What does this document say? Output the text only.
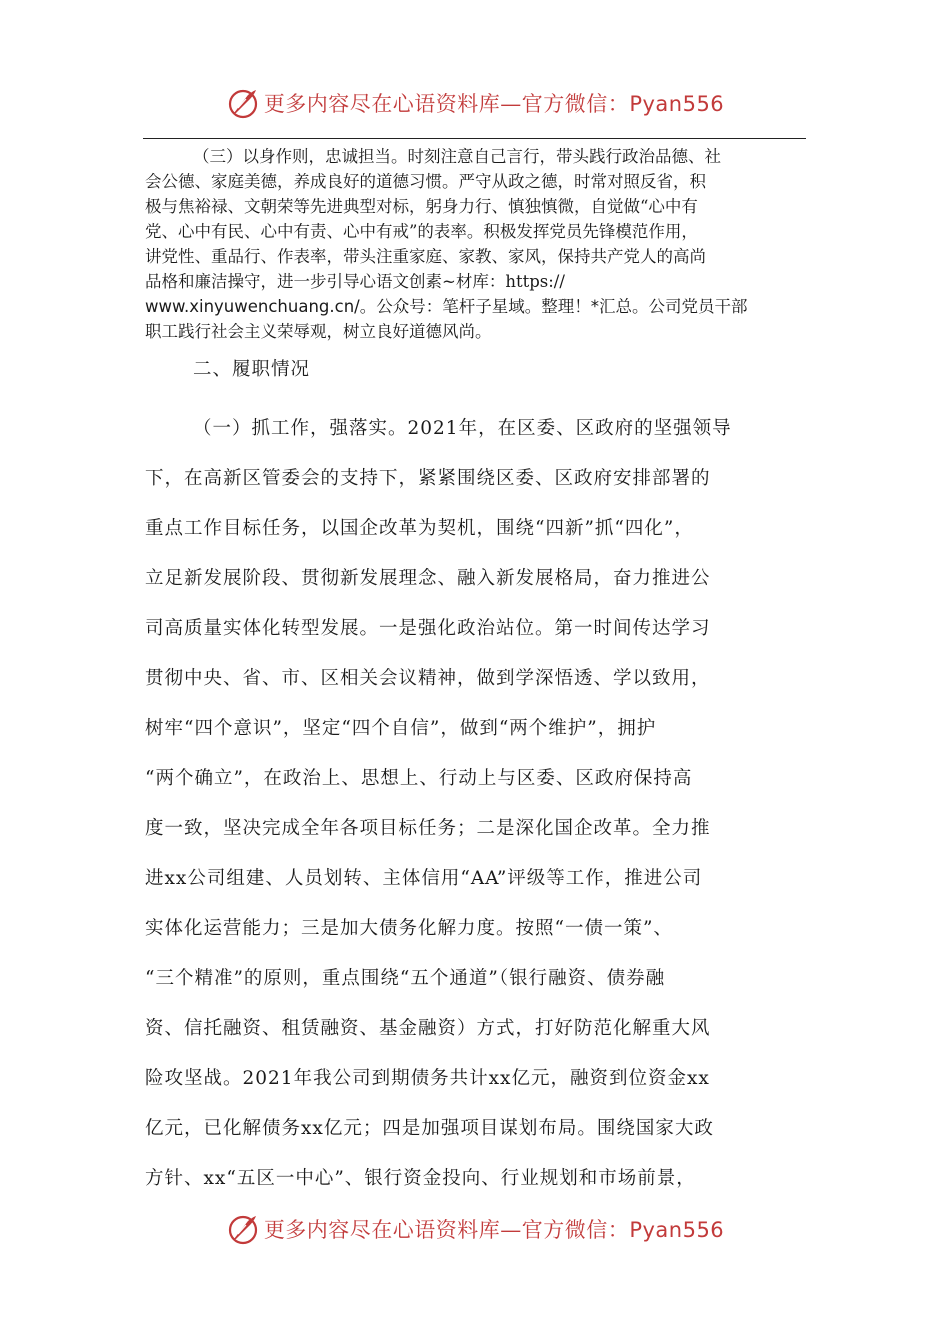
更多内容尽在心语资料库—官方微信：Pyan556
（三）以身作则，忠诚担当。时刻注意自己言行，带头践行政治品德、社
会公德、家庭美德，养成良好的道德习惯。严守从政之德，时常对照反省，积
极与焦裕禄、文朝荣等先进典型对标，躬身力行、慎独慎微，自觉做“心中有
党、心中有民、心中有责、心中有戒”的表率。积极发挥党员先锋模范作用，
讲党性、重品行、作表率，带头注重家庭、家教、家风，保持共产党人的高尚
品格和廉洁操守，进一步引导心语文创素~材库：https://
www.xinyuwenchuang.cn/。公众号：笔杆子星域。整理！*汇总。公司党员干部
职工践行社会主义荣辱观，树立良好道德风尚。
二、履职情况
（一）抓工作，强落实。2021年，在区委、区政府的坚强领导
下，在高新区管委会的支持下，紧紧围绕区委、区政府安排部署的
重点工作目标任务，以国企改革为契机，围绕“四新”抓“四化”，
立足新发展阶段、贯彻新发展理念、融入新发展格局，奋力推进公
司高质量实体化转型发展。一是强化政治站位。第一时间传达学习
贯彻中央、省、市、区相关会议精神，做到学深悟透、学以致用，
树牢“四个意识”，坚定“四个自信”，做到“两个维护”，拥护
“两个确立”，在政治上、思想上、行动上与区委、区政府保持高
度一致，坚决完成全年各项目标任务；二是深化国企改革。全力推
进xx公司组建、人员划转、主体信用“AA”评级等工作，推进公司
实体化运营能力；三是加大债务化解力度。按照“一债一策”、
“三个精准”的原则，重点围绕“五个通道”（银行融资、债券融
资、信托融资、租赁融资、基金融资）方式，打好防范化解重大风
险攻坚战。2021年我公司到期债务共计xx亿元，融资到位资金xx
亿元，已化解债务xx亿元；四是加强项目谋划布局。围绕国家大政
方针、xx“五区一中心”、银行资金投向、行业规划和市场前景，
更多内容尽在心语资料库—官方微信：Pyan556
